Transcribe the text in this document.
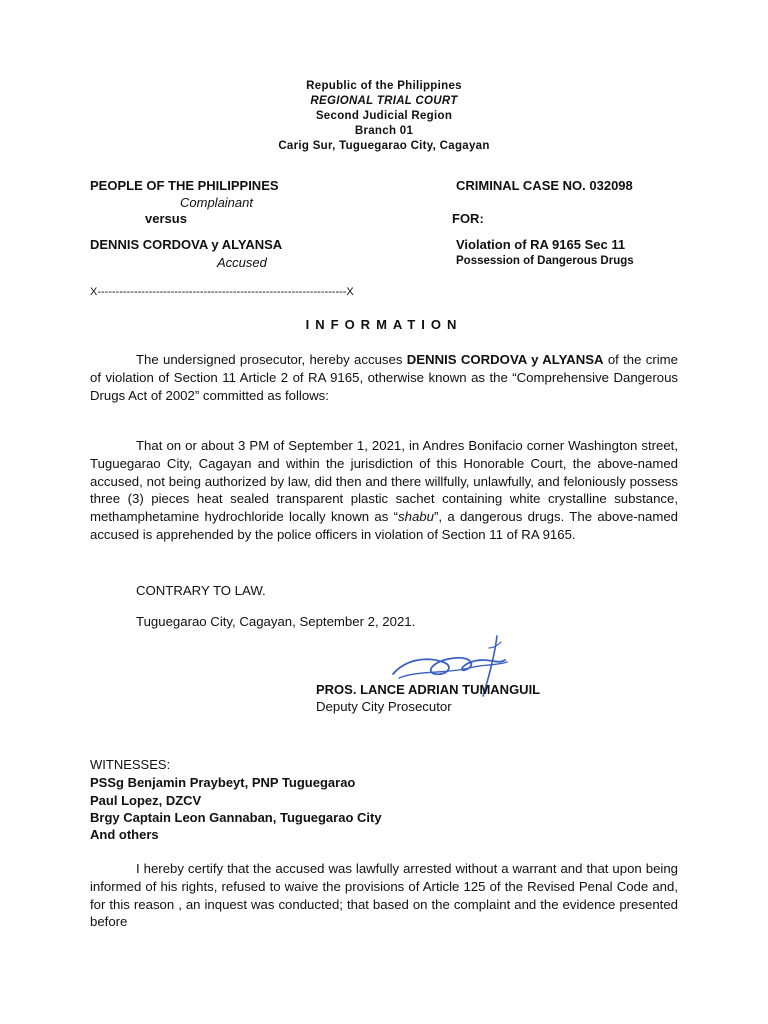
Republic of the Philippines
REGIONAL TRIAL COURT
Second Judicial Region
Branch 01
Carig Sur, Tuguegarao City, Cagayan
PEOPLE OF THE PHILIPPINES
Complainant
versus
DENNIS CORDOVA y ALYANSA
Accused
CRIMINAL CASE NO. 032098
FOR:
Violation of RA 9165 Sec 11
Possession of Dangerous Drugs
X--------------------------------------------------------------------X
INFORMATION
The undersigned prosecutor, hereby accuses DENNIS CORDOVA y ALYANSA of the crime of violation of Section 11 Article 2 of RA 9165, otherwise known as the “Comprehensive Dangerous Drugs Act of 2002” committed as follows:
That on or about 3 PM of September 1, 2021, in Andres Bonifacio corner Washington street, Tuguegarao City, Cagayan and within the jurisdiction of this Honorable Court, the above-named accused, not being authorized by law, did then and there willfully, unlawfully, and feloniously possess three (3) pieces heat sealed transparent plastic sachet containing white crystalline substance, methamphetamine hydrochloride locally known as “shabu”, a dangerous drugs. The above-named accused is apprehended by the police officers in violation of Section 11 of RA 9165.
CONTRARY TO LAW.
Tuguegarao City, Cagayan, September 2, 2021.
PROS. LANCE ADRIAN TUMANGUIL
Deputy City Prosecutor
WITNESSES:
PSSg Benjamin Praybeyt, PNP Tuguegarao
Paul Lopez, DZCV
Brgy Captain Leon Gannaban, Tuguegarao City
And others
I hereby certify that the accused was lawfully arrested without a warrant and that upon being informed of his rights, refused to waive the provisions of Article 125 of the Revised Penal Code and, for this reason , an inquest was conducted; that based on the complaint and the evidence presented before
